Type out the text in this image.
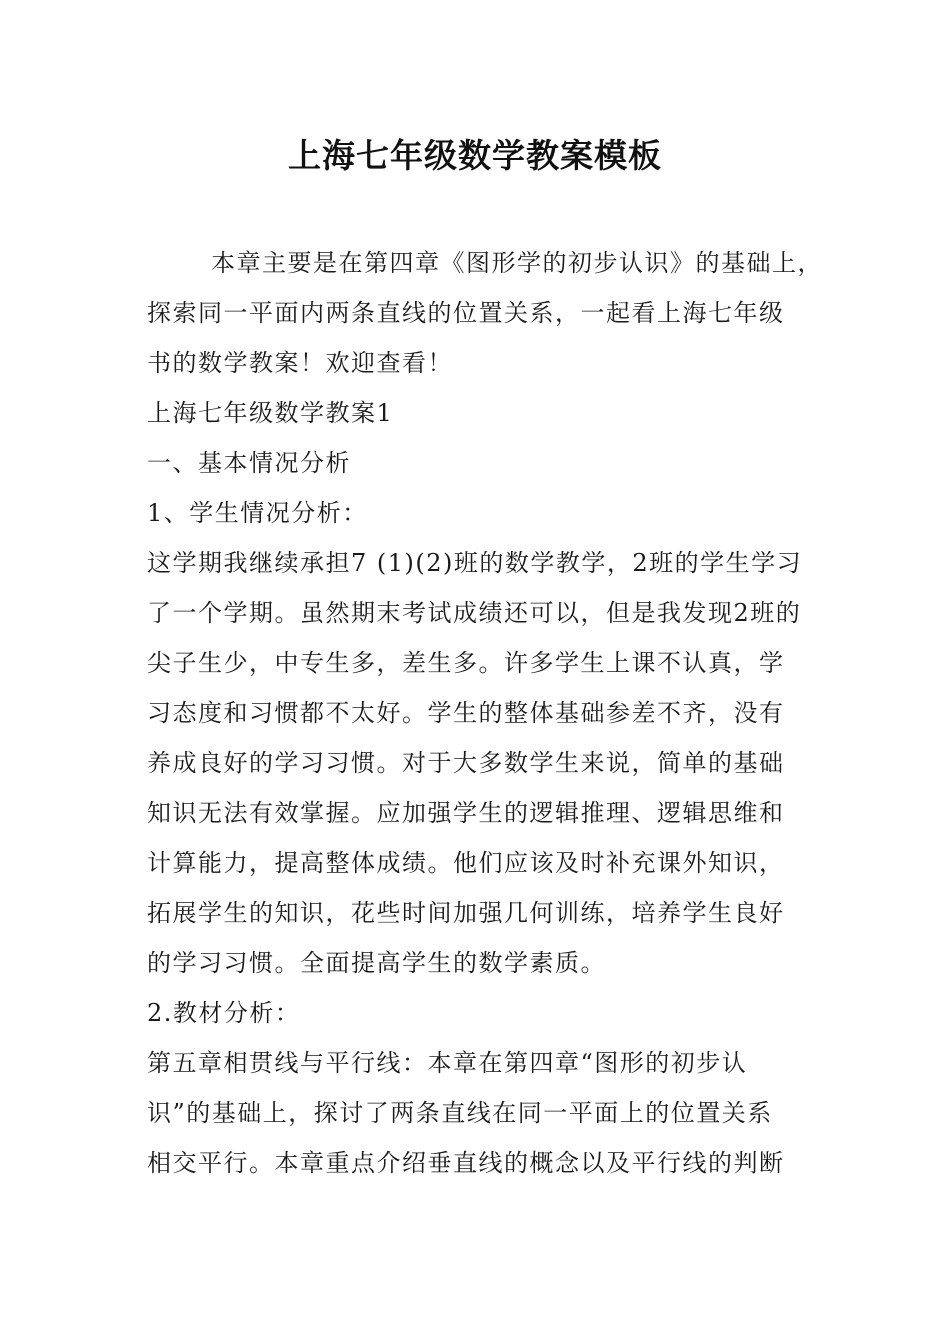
上海七年级数学教案模板
本章主要是在第四章《图形学的初步认识》的基础上，
探索同一平面内两条直线的位置关系，一起看上海七年级
书的数学教案！欢迎查看！
上海七年级数学教案1
一、基本情况分析
1、学生情况分析：
这学期我继续承担7 (1)(2)班的数学教学，2班的学生学习
了一个学期。虽然期末考试成绩还可以，但是我发现2班的
尖子生少，中专生多，差生多。许多学生上课不认真，学
习态度和习惯都不太好。学生的整体基础参差不齐，没有
养成良好的学习习惯。对于大多数学生来说，简单的基础
知识无法有效掌握。应加强学生的逻辑推理、逻辑思维和
计算能力，提高整体成绩。他们应该及时补充课外知识，
拓展学生的知识，花些时间加强几何训练，培养学生良好
的学习习惯。全面提高学生的数学素质。
2.教材分析：
第五章相贯线与平行线：本章在第四章“图形的初步认
识”的基础上，探讨了两条直线在同一平面上的位置关系
相交平行。本章重点介绍垂直线的概念以及平行线的判断
